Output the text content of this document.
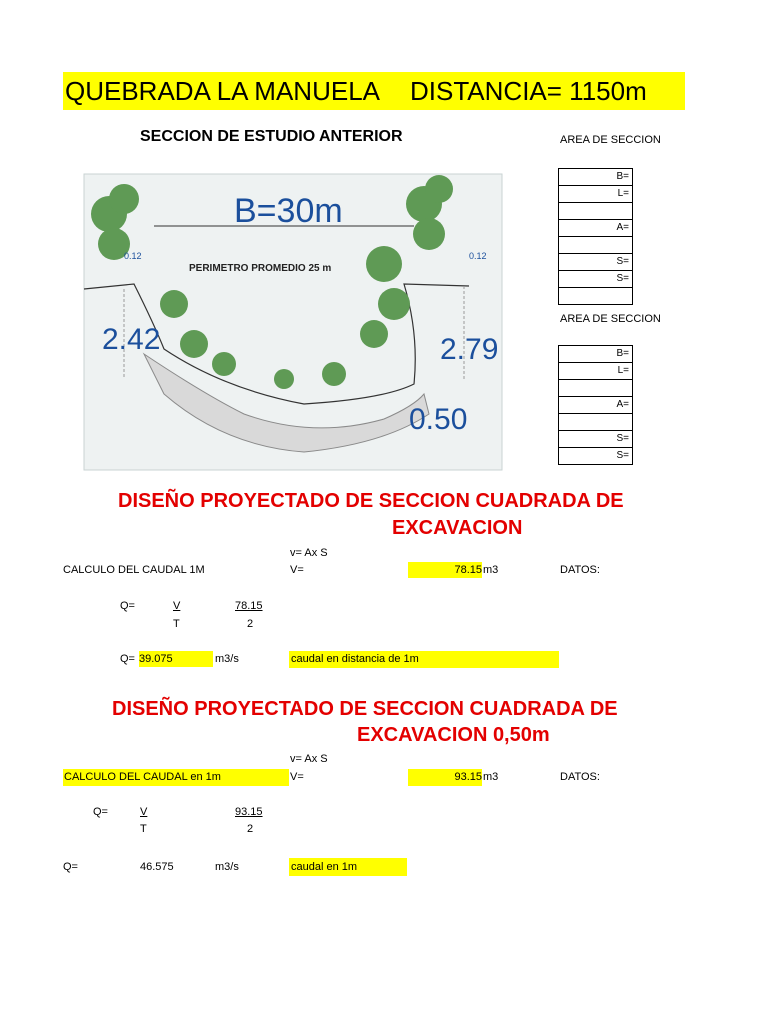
QUEBRADA LA MANUELA DISTANCIA= 1150m
SECCION DE ESTUDIO ANTERIOR	AREA DE SECCION
B=30m
PERIMETRO PROMEDIO 25 m
2.42	2.79
0.50
0.12	0.12
B=
L=

A=

S=
S=

AREA DE SECCION
B=
L=

A=

S=
S=
DISEÑO PROYECTADO DE SECCION CUADRADA DE
EXCAVACION
v= Ax S
CALCULO DEL CAUDAL 1M	V=	78.15 m3	DATOS:
Q=	V
T
78.15
2
Q= 39.075	m3/s	caudal en distancia de 1m
DISEÑO PROYECTADO DE SECCION CUADRADA DE
EXCAVACION 0,50m
v= Ax S
CALCULO DEL CAUDAL en 1m	V=	93.15 m3	DATOS:
Q=	V
T
93.15
2
Q=	46.575	m3/s	caudal en 1m
